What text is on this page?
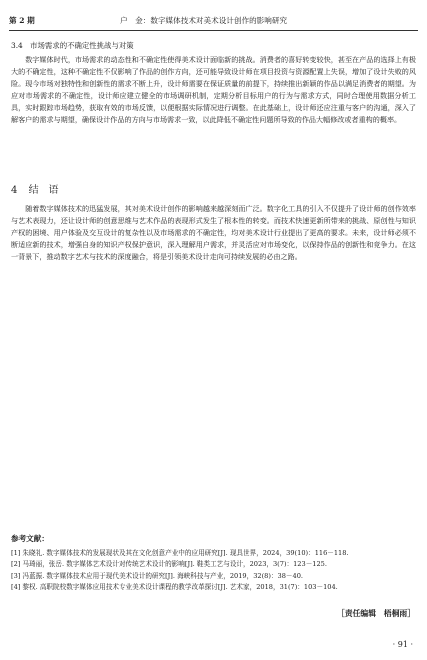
第 2 期	户　金：数字媒体技术对美术设计创作的影响研究
3.4　市场需求的不确定性挑战与对策

数字媒体时代，市场需求的动态性和不确定性使得美术设计面临新的挑战。消费者的喜好转变较快，甚至在产品的选择上有极大的不确定性，这种不确定性不仅影响了作品的创作方向，还可能导致设计师在项目投资与资源配置上失误，增加了设计失败的风险。现今市场对独特性和创新性的需求不断上升，设计师需要在保证质量的前提下，持续推出新颖的作品以满足消费者的期望。为应对市场需求的不确定性，设计师应建立健全的市场调研机制，定期分析目标用户的行为与需求方式，同时合理使用数据分析工具，实时跟踪市场趋势，获取有效的市场反馈，以便根据实际情况进行调整。在此基础上，设计师还应注重与客户的沟通，深入了解客户的需求与期望，确保设计作品的方向与市场需求一致，以此降低不确定性问题所导致的作品大幅修改或者重构的概率。

4 结　语

随着数字媒体技术的迅猛发展，其对美术设计创作的影响越来越深刻而广泛。数字化工具的引入不仅提升了设计师的创作效率与艺术表现力，还让设计师的创意思维与艺术作品的表现形式发生了根本性的转变。而技术快速更新所带来的挑战、原创性与知识产权的困境、用户体验及交互设计的复杂性以及市场需求的不确定性，均对美术设计行业提出了更高的要求。未来，设计师必须不断适应新的技术，增强自身的知识产权保护意识，深入理解用户需求，并灵活应对市场变化，以保持作品的创新性和竞争力。在这一背景下，推动数字艺术与技术的深度融合，将是引领美术设计走向可持续发展的必由之路。

参考文献：
[1] 朱晓礼. 数字媒体技术的发展现状及其在文化创意产业中的应用研究[J]. 现具世界，2024，39(10)：116－118.
[2] 马琦丽，张岳. 数字媒体艺术设计对传统艺术设计的影响[J]. 鞋类工艺与设计，2023，3(7)：123－125.
[3] 冯蓝振. 数字媒体技术应用于现代美术设计的研究[J]. 海峡科技与产业，2019，32(8)：38－40.
[4] 黎权. 高职院校数字媒体应用技术专业美术设计课程的教学改革探讨[J]. 艺术家，2018，31(7)：103－104.
［责任编辑　梧桐雨］
· 91 ·
